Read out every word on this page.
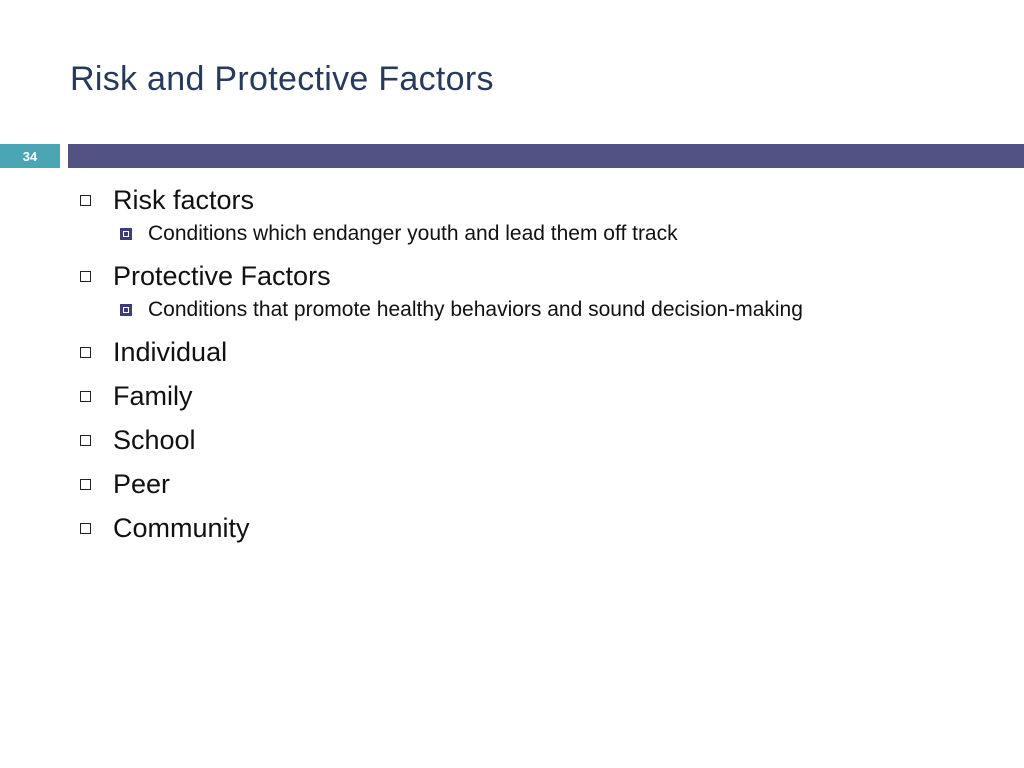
Risk and Protective Factors
34
Risk factors
Conditions which endanger youth and lead them off track
Protective Factors
Conditions that promote healthy behaviors and sound decision-making
Individual
Family
School
Peer
Community
